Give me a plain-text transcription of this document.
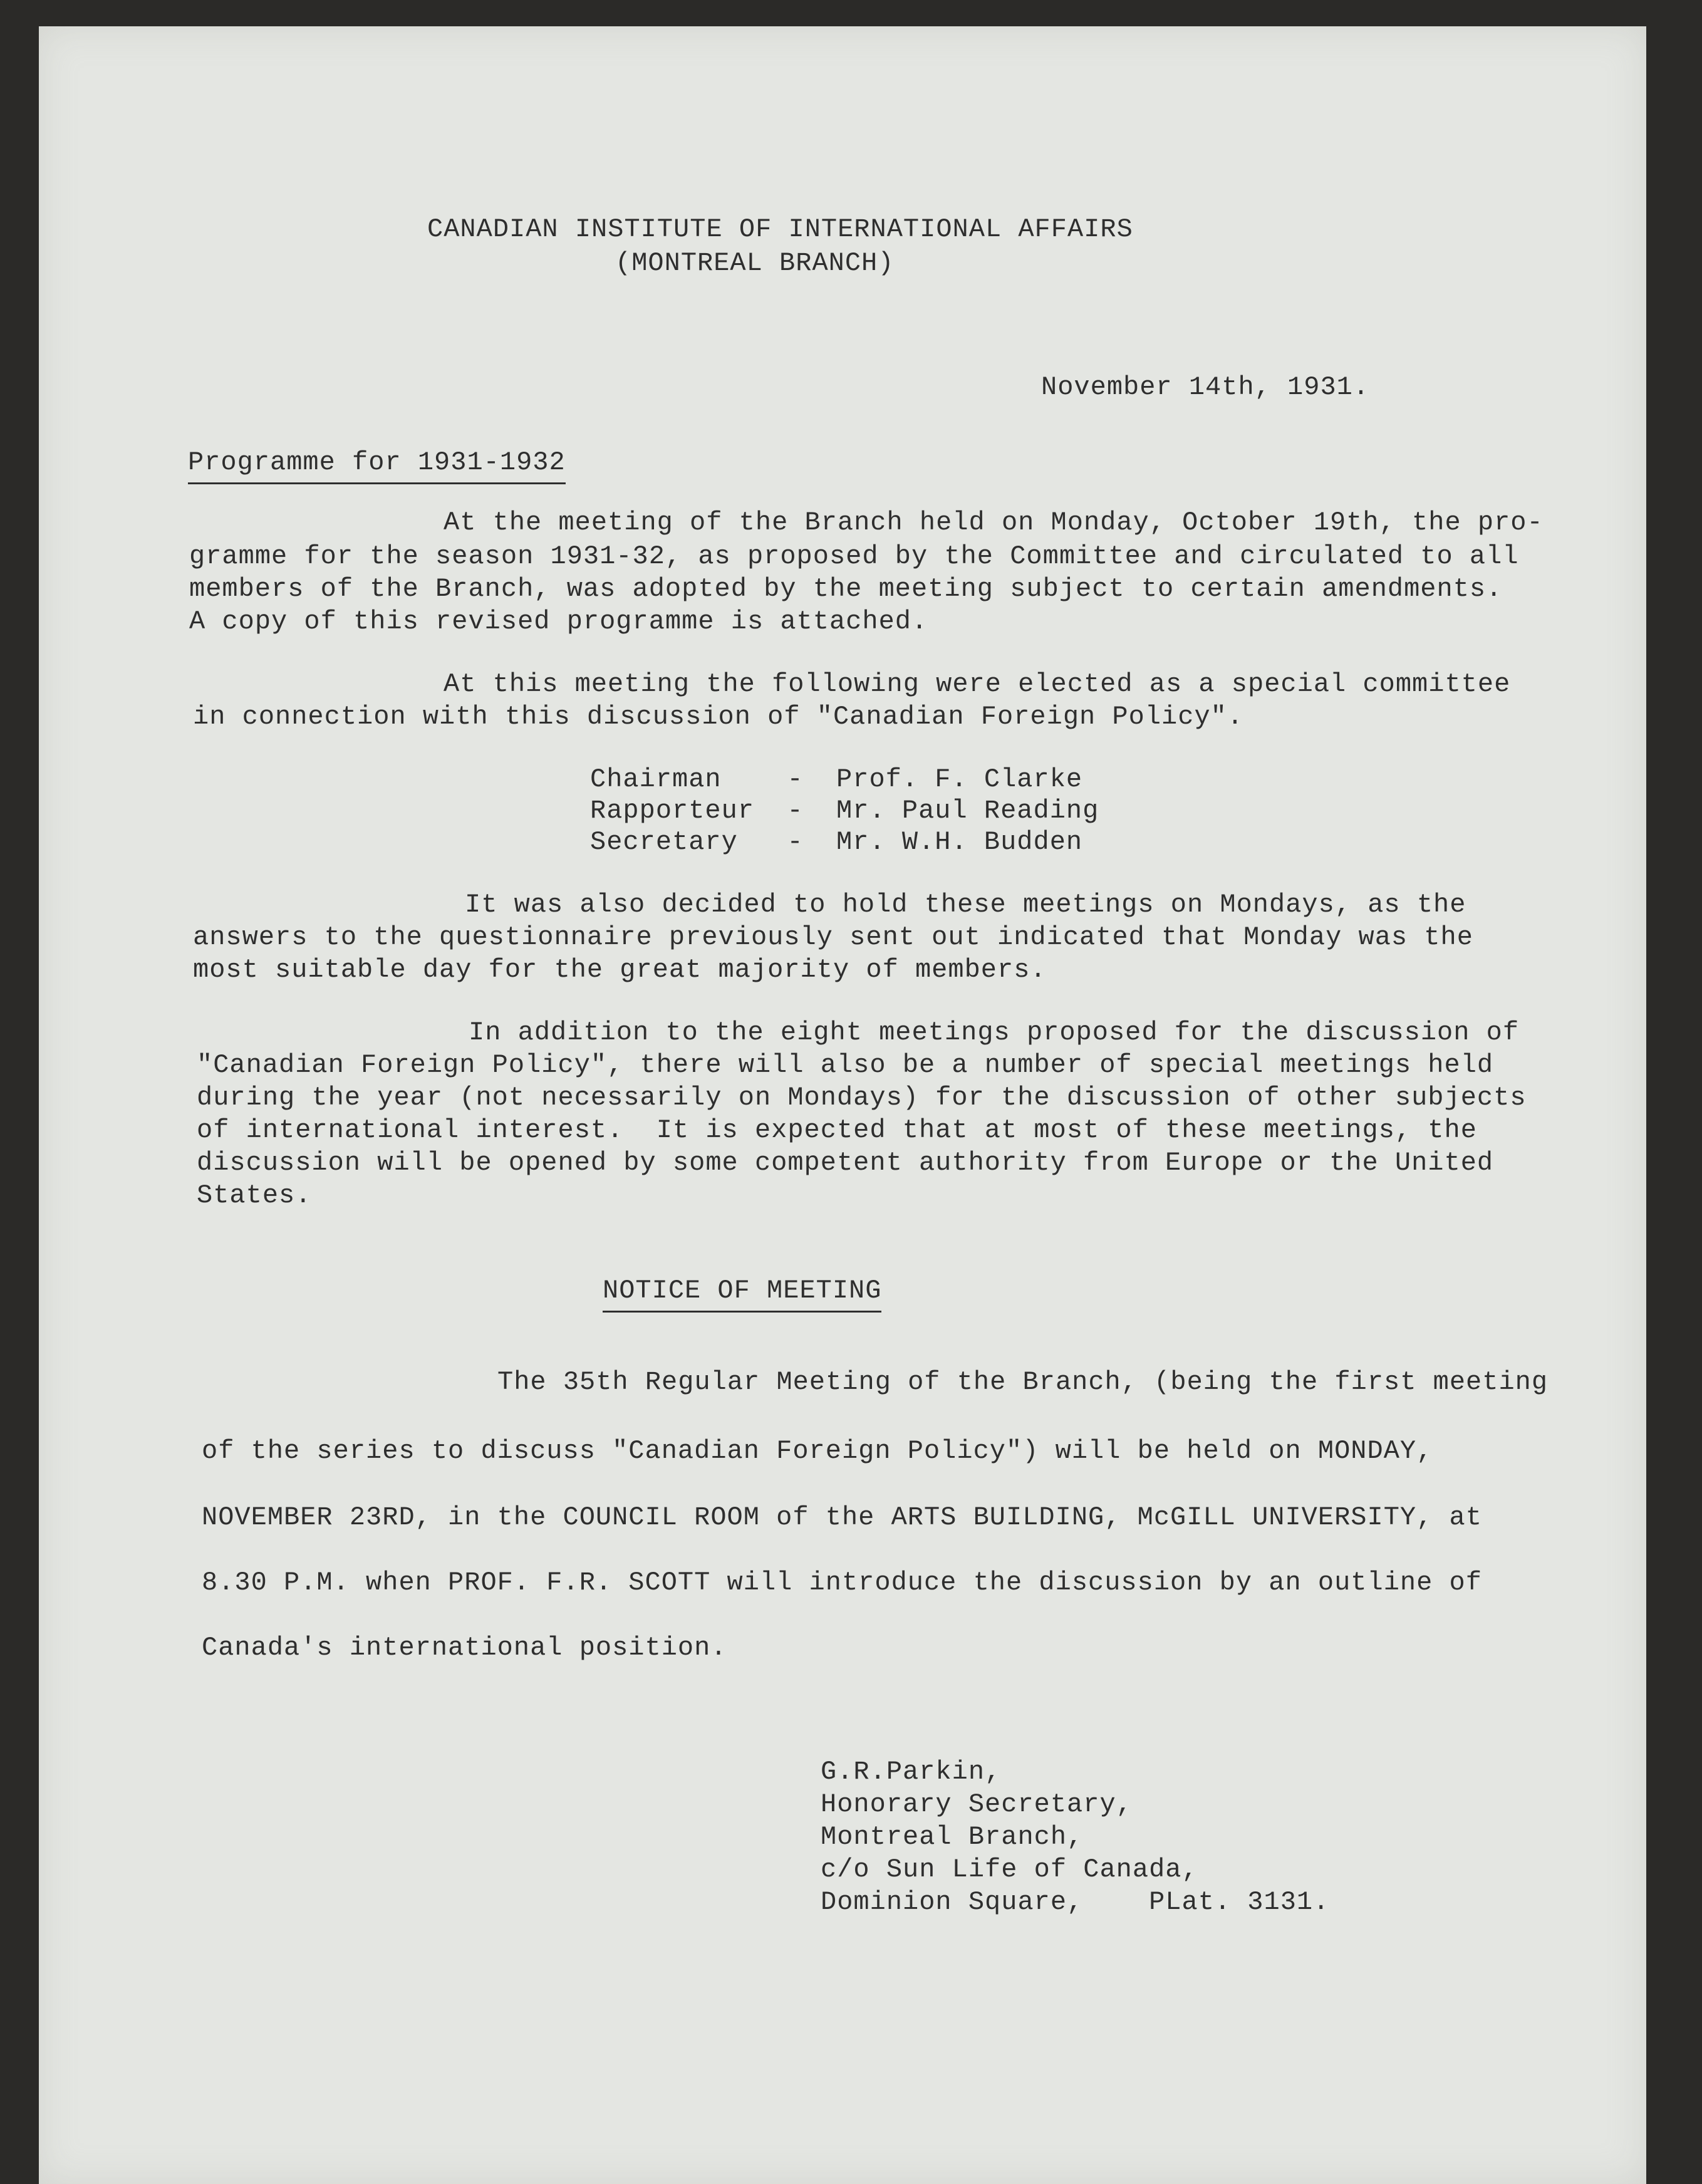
CANADIAN INSTITUTE OF INTERNATIONAL AFFAIRS
(MONTREAL BRANCH)
November 14th, 1931.
Programme for 1931-1932
At the meeting of the Branch held on Monday, October 19th, the pro-
gramme for the season 1931-32, as proposed by the Committee and circulated to all
members of the Branch, was adopted by the meeting subject to certain amendments.
A copy of this revised programme is attached.
At this meeting the following were elected as a special committee
in connection with this discussion of "Canadian Foreign Policy".
Chairman    -  Prof. F. Clarke
Rapporteur  -  Mr. Paul Reading
Secretary   -  Mr. W.H. Budden
It was also decided to hold these meetings on Mondays, as the
answers to the questionnaire previously sent out indicated that Monday was the
most suitable day for the great majority of members.
In addition to the eight meetings proposed for the discussion of
"Canadian Foreign Policy", there will also be a number of special meetings held
during the year (not necessarily on Mondays) for the discussion of other subjects
of international interest.  It is expected that at most of these meetings, the
discussion will be opened by some competent authority from Europe or the United
States.
NOTICE OF MEETING
The 35th Regular Meeting of the Branch, (being the first meeting
of the series to discuss "Canadian Foreign Policy") will be held on MONDAY,
NOVEMBER 23RD, in the COUNCIL ROOM of the ARTS BUILDING, McGILL UNIVERSITY, at
8.30 P.M. when PROF. F.R. SCOTT will introduce the discussion by an outline of
Canada's international position.
G.R.Parkin,
Honorary Secretary,
Montreal Branch,
c/o Sun Life of Canada,
Dominion Square,    PLat. 3131.
